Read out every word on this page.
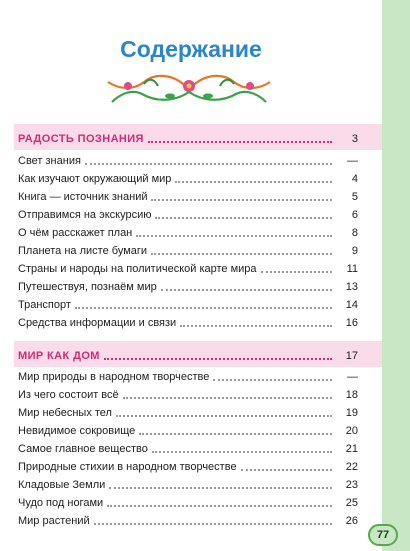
Содержание
РАДОСТЬ ПОЗНАНИЯ	3
Свет знания	—
Как изучают окружающий мир	4
Книга — источник знаний	5
Отправимся на экскурсию	6
О чём расскажет план	8
Планета на листе бумаги	9
Страны и народы на политической карте мира	11
Путешествуя, познаём мир	13
Транспорт	14
Средства информации и связи	16
МИР КАК ДОМ	17
Мир природы в народном творчестве	—
Из чего состоит всё	18
Мир небесных тел	19
Невидимое сокровище	20
Самое главное вещество	21
Природные стихии в народном творчестве	22
Кладовые Земли	23
Чудо под ногами	25
Мир растений	26
77
